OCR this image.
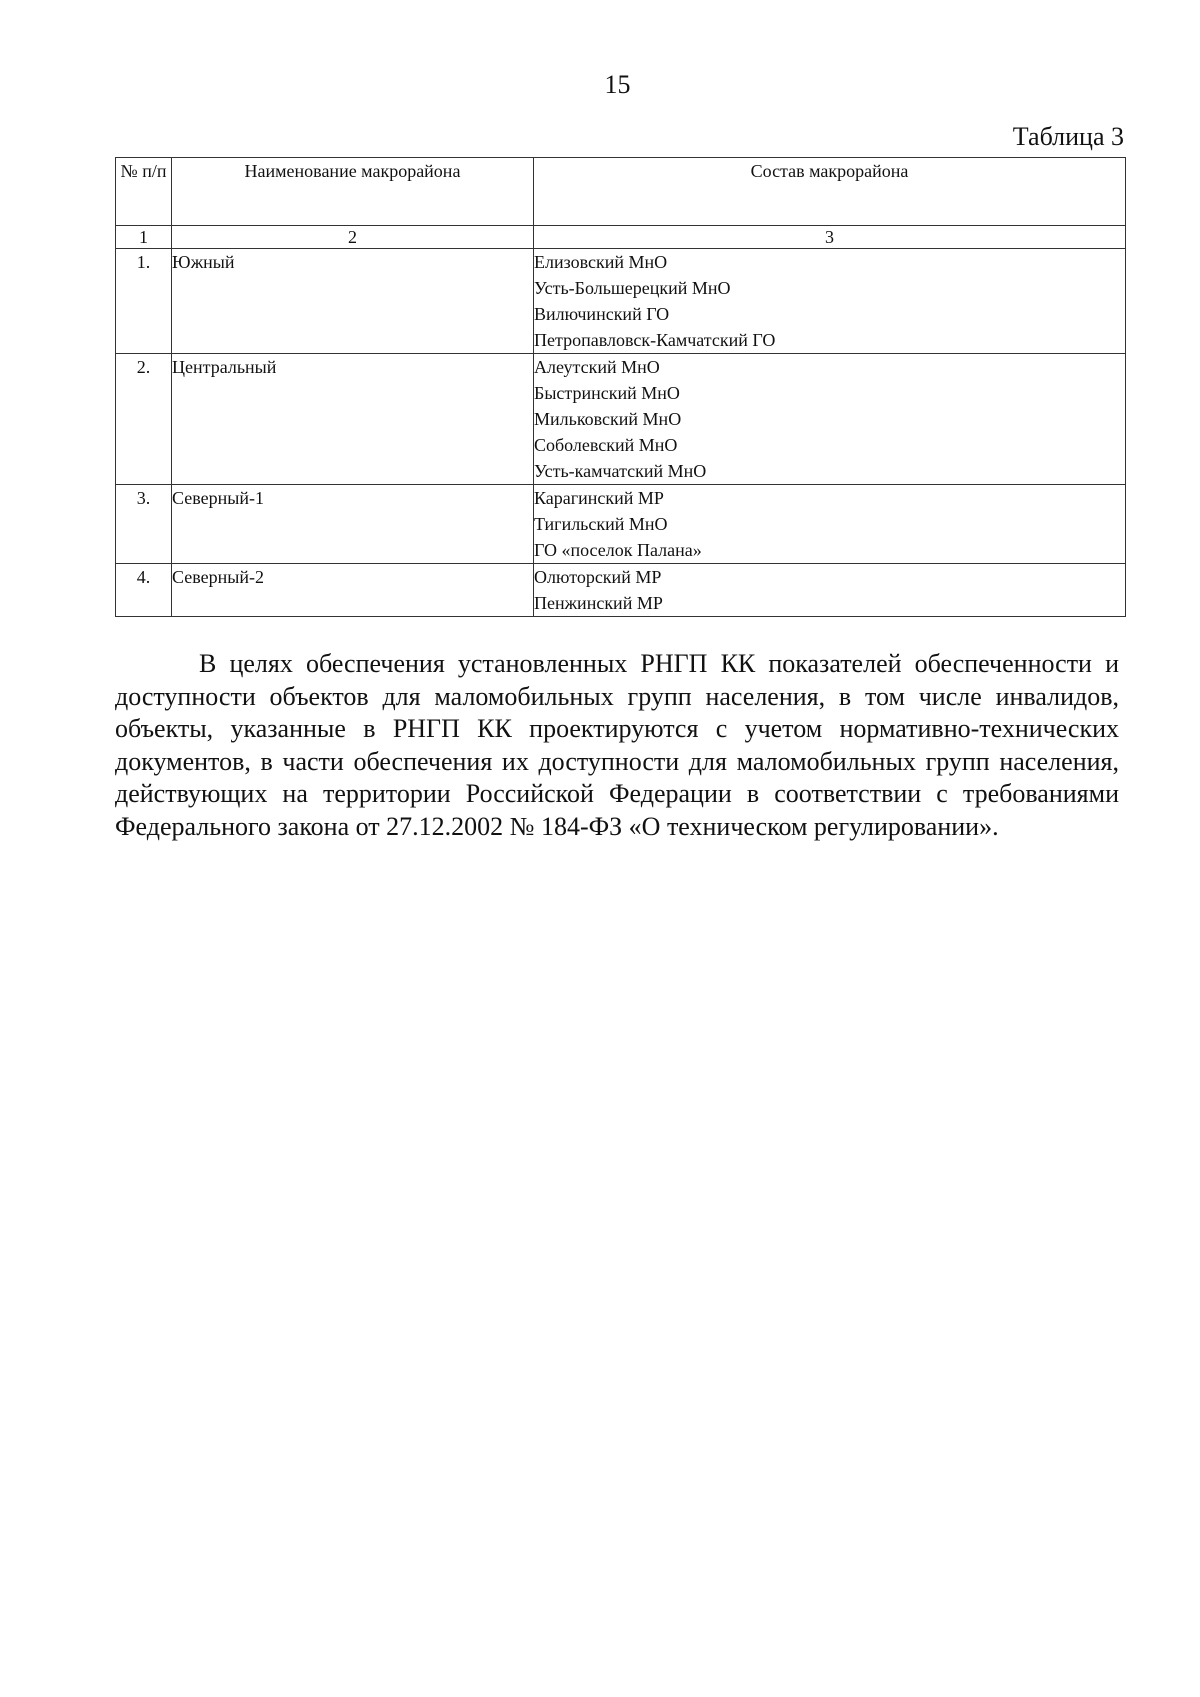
15
Таблица 3
№ п/п	Наименование макрорайона	Состав макрорайона
1	2	3
1.	Южный	Елизовский МнО
Усть-Большерецкий МнО
Вилючинский ГО
Петропавловск-Камчатский ГО

2.	Центральный	Алеутский МнО
Быстринский МнО
Мильковский МнО
Соболевский МнО
Усть-камчатский МнО

3.	Северный-1	Карагинский МР
Тигильский МнО
ГО «поселок Палана»

4.	Северный-2	Олюторский МР
Пенжинский МР

В целях обеспечения установленных РНГП КК показателей обеспеченности и доступности объектов для маломобильных групп населения, в том числе инвалидов, объекты, указанные в РНГП КК проектируются с учетом нормативно-технических документов, в части обеспечения их доступности для маломобильных групп населения, действующих на территории Российской Федерации в соответствии с требованиями Федерального закона от 27.12.2002 № 184-ФЗ «О техническом регулировании».
